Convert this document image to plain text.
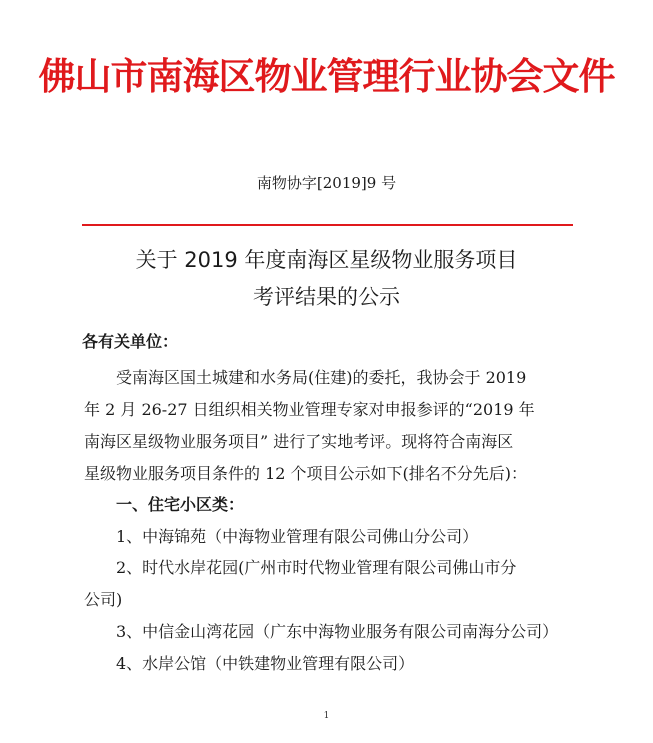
佛山市南海区物业管理行业协会文件
南物协字[2019]9 号
关于 2019 年度南海区星级物业服务项目
考评结果的公示
各有关单位：
受南海区国土城建和水务局(住建)的委托，我协会于 2019
年 2 月 26-27 日组织相关物业管理专家对申报参评的“2019 年
南海区星级物业服务项目” 进行了实地考评。现将符合南海区
星级物业服务项目条件的 12 个项目公示如下(排名不分先后)：
一、住宅小区类：
1、中海锦苑（中海物业管理有限公司佛山分公司）
2、时代水岸花园(广州市时代物业管理有限公司佛山市分
公司)
3、中信金山湾花园（广东中海物业服务有限公司南海分公司）
4、水岸公馆（中铁建物业管理有限公司）
1
